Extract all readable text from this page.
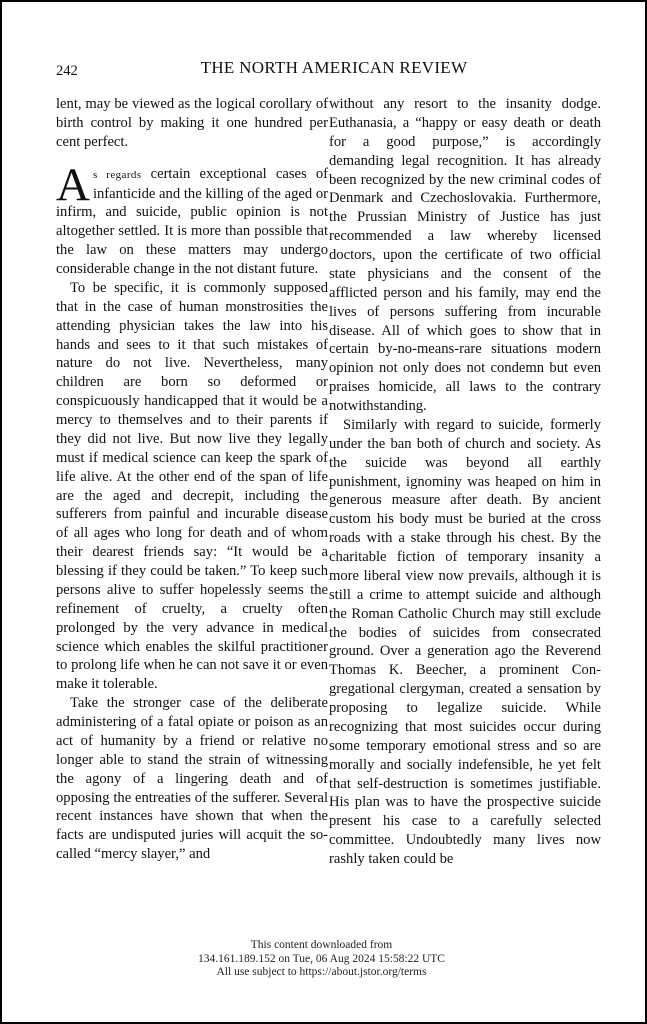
242	THE NORTH AMERICAN REVIEW

lent, may be viewed as the logical corollary of birth control by making it one hundred per cent perfect.

As regards certain exceptional cases of infanticide and the killing of the aged or infirm, and suicide, public opinion is not altogether settled. It is more than possible that the law on these matters may undergo considerable change in the not distant future.

To be specific, it is commonly supposed that in the case of human monstrosities the attending physician takes the law into his hands and sees to it that such mistakes of nature do not live. Nevertheless, many children are born so deformed or conspicuously handicapped that it would be a mercy to themselves and to their parents if they did not live. But now live they legally must if medical science can keep the spark of life alive. At the other end of the span of life are the aged and decrepit, including the sufferers from painful and incurable disease of all ages who long for death and of whom their dearest friends say: “It would be a blessing if they could be taken.” To keep such persons alive to suffer hopelessly seems the refinement of cruelty, a cruelty often prolonged by the very advance in medical science which enables the skilful practitioner to prolong life when he can not save it or even make it tolerable.

Take the stronger case of the deliberate administering of a fatal opiate or poison as an act of humanity by a friend or relative no longer able to stand the strain of witnessing the agony of a lingering death and of opposing the entreaties of the sufferer. Several recent instances have shown that when the facts are undisputed juries will acquit the so-called “mercy slayer,” and

without any resort to the insanity dodge. Euthanasia, a “happy or easy death or death for a good purpose,” is accordingly demanding legal recognition. It has already been recognized by the new criminal codes of Denmark and Czechoslovakia. Furthermore, the Prussian Ministry of Justice has just recommended a law whereby licensed doctors, upon the certificate of two official state physicians and the consent of the afflicted person and his family, may end the lives of persons suffering from incurable disease. All of which goes to show that in certain by-no-means-rare situations modern opinion not only does not condemn but even praises homicide, all laws to the contrary notwithstanding.

Similarly with regard to suicide, formerly under the ban both of church and society. As the suicide was beyond all earthly punishment, ignominy was heaped on him in generous measure after death. By ancient custom his body must be buried at the cross roads with a stake through his chest. By the charitable fiction of temporary insanity a more liberal view now prevails, although it is still a crime to attempt suicide and although the Roman Catholic Church may still exclude the bodies of suicides from consecrated ground. Over a generation ago the Reverend Thomas K. Beecher, a prominent Congregational clergyman, created a sensation by proposing to legalize suicide. While recognizing that most suicides occur during some temporary emotional stress and so are morally and socially indefensible, he yet felt that self-destruction is sometimes justifiable. His plan was to have the prospective suicide present his case to a carefully selected committee. Undoubtedly many lives now rashly taken could be

This content downloaded from
134.161.189.152 on Tue, 06 Aug 2024 15:58:22 UTC
All use subject to https://about.jstor.org/terms
